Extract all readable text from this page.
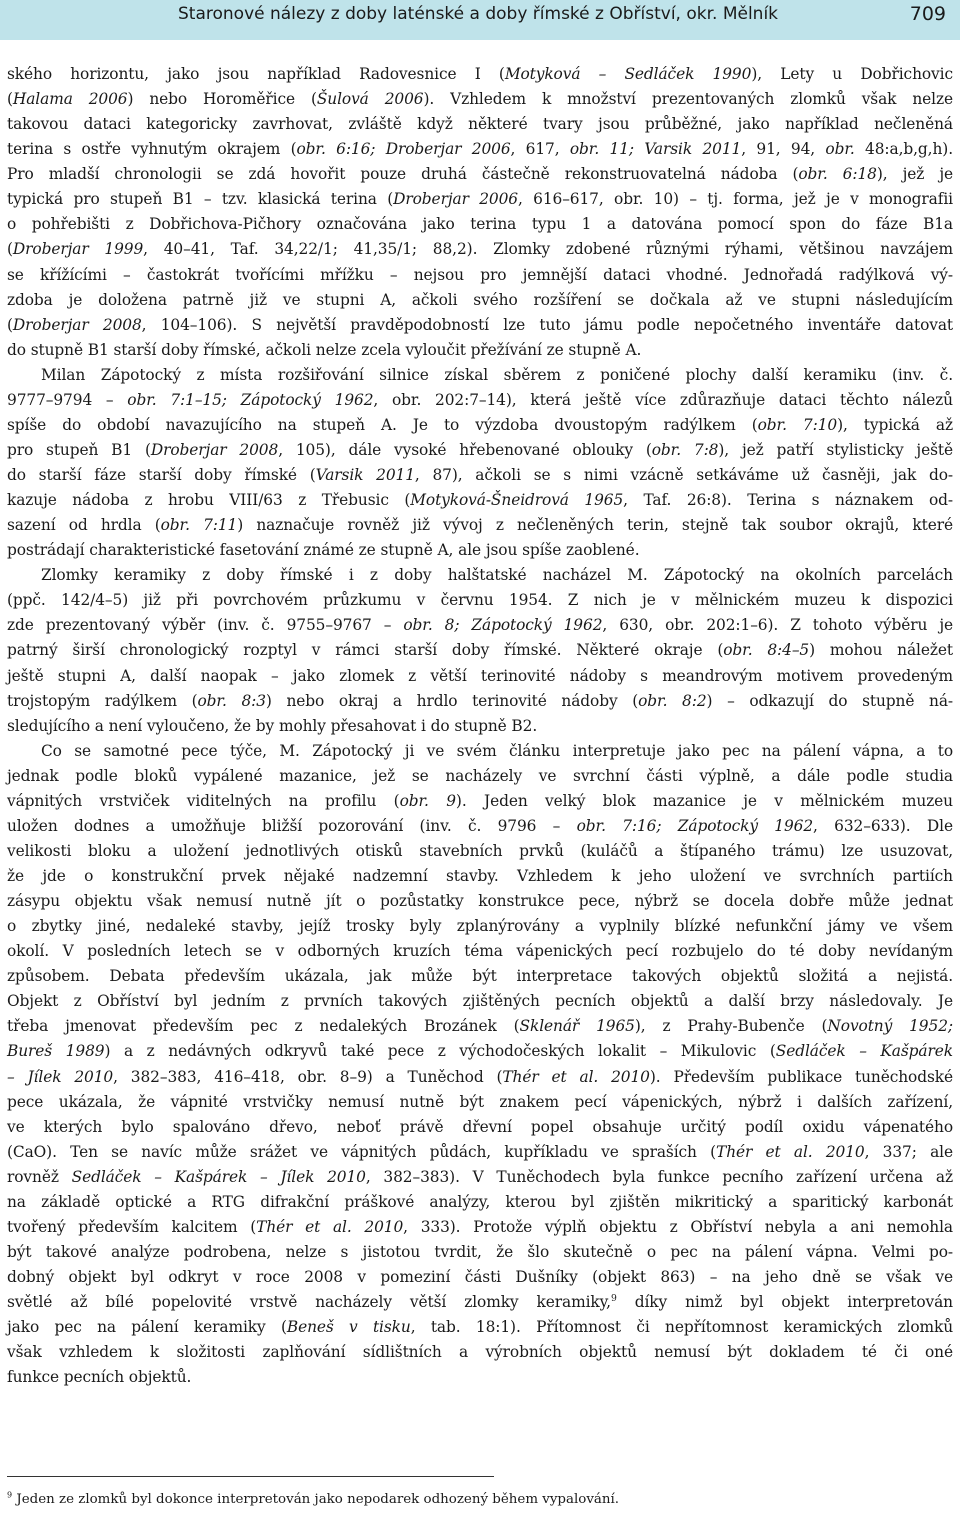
Staronové nálezy z doby laténské a doby římské z Obříství, okr. Mělník	709
ského horizontu, jako jsou například Radovesnice I (Motyková – Sedláček 1990), Lety u Dobřichovic
(Halama 2006) nebo Horoměřice (Šulová 2006). Vzhledem k množství prezentovaných zlomků však nelze
takovou dataci kategoricky zavrhovat, zvláště když některé tvary jsou průběžné, jako například nečleněná
terina s ostře vyhnutým okrajem (obr. 6:16; Droberjar 2006, 617, obr. 11; Varsik 2011, 91, 94, obr. 48:a,b,g,h).
Pro mladší chronologii se zdá hovořit pouze druhá částečně rekonstruovatelná nádoba (obr. 6:18), jež je
typická pro stupeň B1 – tzv. klasická terina (Droberjar 2006, 616–617, obr. 10) – tj. forma, jež je v monografii
o pohřebišti z Dobřichova-Pičhory označována jako terina typu 1 a datována pomocí spon do fáze B1a
(Droberjar 1999, 40–41, Taf. 34,22/1; 41,35/1; 88,2). Zlomky zdobené různými rýhami, většinou navzájem
se křížícími – častokrát tvořícími mřížku – nejsou pro jemnější dataci vhodné. Jednořadá radýlková vý-
zdoba je doložena patrně již ve stupni A, ačkoli svého rozšíření se dočkala až ve stupni následujícím
(Droberjar 2008, 104–106). S největší pravděpodobností lze tuto jámu podle nepočetného inventáře datovat
do stupně B1 starší doby římské, ačkoli nelze zcela vyloučit přežívání ze stupně A.
Milan Zápotocký z místa rozšiřování silnice získal sběrem z poničené plochy další keramiku (inv. č.
9777–9794 – obr. 7:1–15; Zápotocký 1962, obr. 202:7–14), která ještě více zdůrazňuje dataci těchto nálezů
spíše do období navazujícího na stupeň A. Je to výzdoba dvoustopým radýlkem (obr. 7:10), typická až
pro stupeň B1 (Droberjar 2008, 105), dále vysoké hřebenované oblouky (obr. 7:8), jež patří stylisticky ještě
do starší fáze starší doby římské (Varsik 2011, 87), ačkoli se s nimi vzácně setkáváme už časněji, jak do-
kazuje nádoba z hrobu VIII/63 z Třebusic (Motyková-Šneidrová 1965, Taf. 26:8). Terina s náznakem od-
sazení od hrdla (obr. 7:11) naznačuje rovněž již vývoj z nečleněných terin, stejně tak soubor okrajů, které
postrádají charakteristické fasetování známé ze stupně A, ale jsou spíše zaoblené.
Zlomky keramiky z doby římské i z doby halštatské nacházel M. Zápotocký na okolních parcelách
(ppč. 142/4–5) již při povrchovém průzkumu v červnu 1954. Z nich je v mělnickém muzeu k dispozici
zde prezentovaný výběr (inv. č. 9755–9767 – obr. 8; Zápotocký 1962, 630, obr. 202:1–6). Z tohoto výběru je
patrný širší chronologický rozptyl v rámci starší doby římské. Některé okraje (obr. 8:4–5) mohou náležet
ještě stupni A, další naopak – jako zlomek z větší terinovité nádoby s meandrovým motivem provedeným
trojstopým radýlkem (obr. 8:3) nebo okraj a hrdlo terinovité nádoby (obr. 8:2) – odkazují do stupně ná-
sledujícího a není vyloučeno, že by mohly přesahovat i do stupně B2.
Co se samotné pece týče, M. Zápotocký ji ve svém článku interpretuje jako pec na pálení vápna, a to
jednak podle bloků vypálené mazanice, jež se nacházely ve svrchní části výplně, a dále podle studia
vápnitých vrstviček viditelných na profilu (obr. 9). Jeden velký blok mazanice je v mělnickém muzeu
uložen dodnes a umožňuje bližší pozorování (inv. č. 9796 – obr. 7:16; Zápotocký 1962, 632–633). Dle
velikosti bloku a uložení jednotlivých otisků stavebních prvků (kuláčů a štípaného trámu) lze usuzovat,
že jde o konstrukční prvek nějaké nadzemní stavby. Vzhledem k jeho uložení ve svrchních partiích
zásypu objektu však nemusí nutně jít o pozůstatky konstrukce pece, nýbrž se docela dobře může jednat
o zbytky jiné, nedaleké stavby, jejíž trosky byly zplanýrovány a vyplnily blízké nefunkční jámy ve všem
okolí. V posledních letech se v odborných kruzích téma vápenických pecí rozbujelo do té doby nevídaným
způsobem. Debata především ukázala, jak může být interpretace takových objektů složitá a nejistá.
Objekt z Obříství byl jedním z prvních takových zjištěných pecních objektů a další brzy následovaly. Je
třeba jmenovat především pec z nedalekých Brozánek (Sklenář 1965), z Prahy-Bubenče (Novotný 1952;
Bureš 1989) a z nedávných odkryvů také pece z východočeských lokalit – Mikulovic (Sedláček – Kašpárek
– Jílek 2010, 382–383, 416–418, obr. 8–9) a Tuněchod (Thér et al. 2010). Především publikace tuněchodské
pece ukázala, že vápnité vrstvičky nemusí nutně být znakem pecí vápenických, nýbrž i dalších zařízení,
ve kterých bylo spalováno dřevo, neboť právě dřevní popel obsahuje určitý podíl oxidu vápenatého
(CaO). Ten se navíc může srážet ve vápnitých půdách, kupříkladu ve spraších (Thér et al. 2010, 337; ale
rovněž Sedláček – Kašpárek – Jílek 2010, 382–383). V Tuněchodech byla funkce pecního zařízení určena až
na základě optické a RTG difrakční práškové analýzy, kterou byl zjištěn mikritický a sparitický karbonát
tvořený především kalcitem (Thér et al. 2010, 333). Protože výplň objektu z Obříství nebyla a ani nemohla
být takové analýze podrobena, nelze s jistotou tvrdit, že šlo skutečně o pec na pálení vápna. Velmi po-
dobný objekt byl odkryt v roce 2008 v pomeziní části Dušníky (objekt 863) – na jeho dně se však ve
světlé až bílé popelovité vrstvě nacházely větší zlomky keramiky,$^9$ díky nimž byl objekt interpretován
jako pec na pálení keramiky (Beneš v tisku, tab. 18:1). Přítomnost či nepřítomnost keramických zlomků
však vzhledem k složitosti zaplňování sídlištních a výrobních objektů nemusí být dokladem té či oné
funkce pecních objektů.
$^9$ Jeden ze zlomků byl dokonce interpretován jako nepodarek odhozený během vypalování.
